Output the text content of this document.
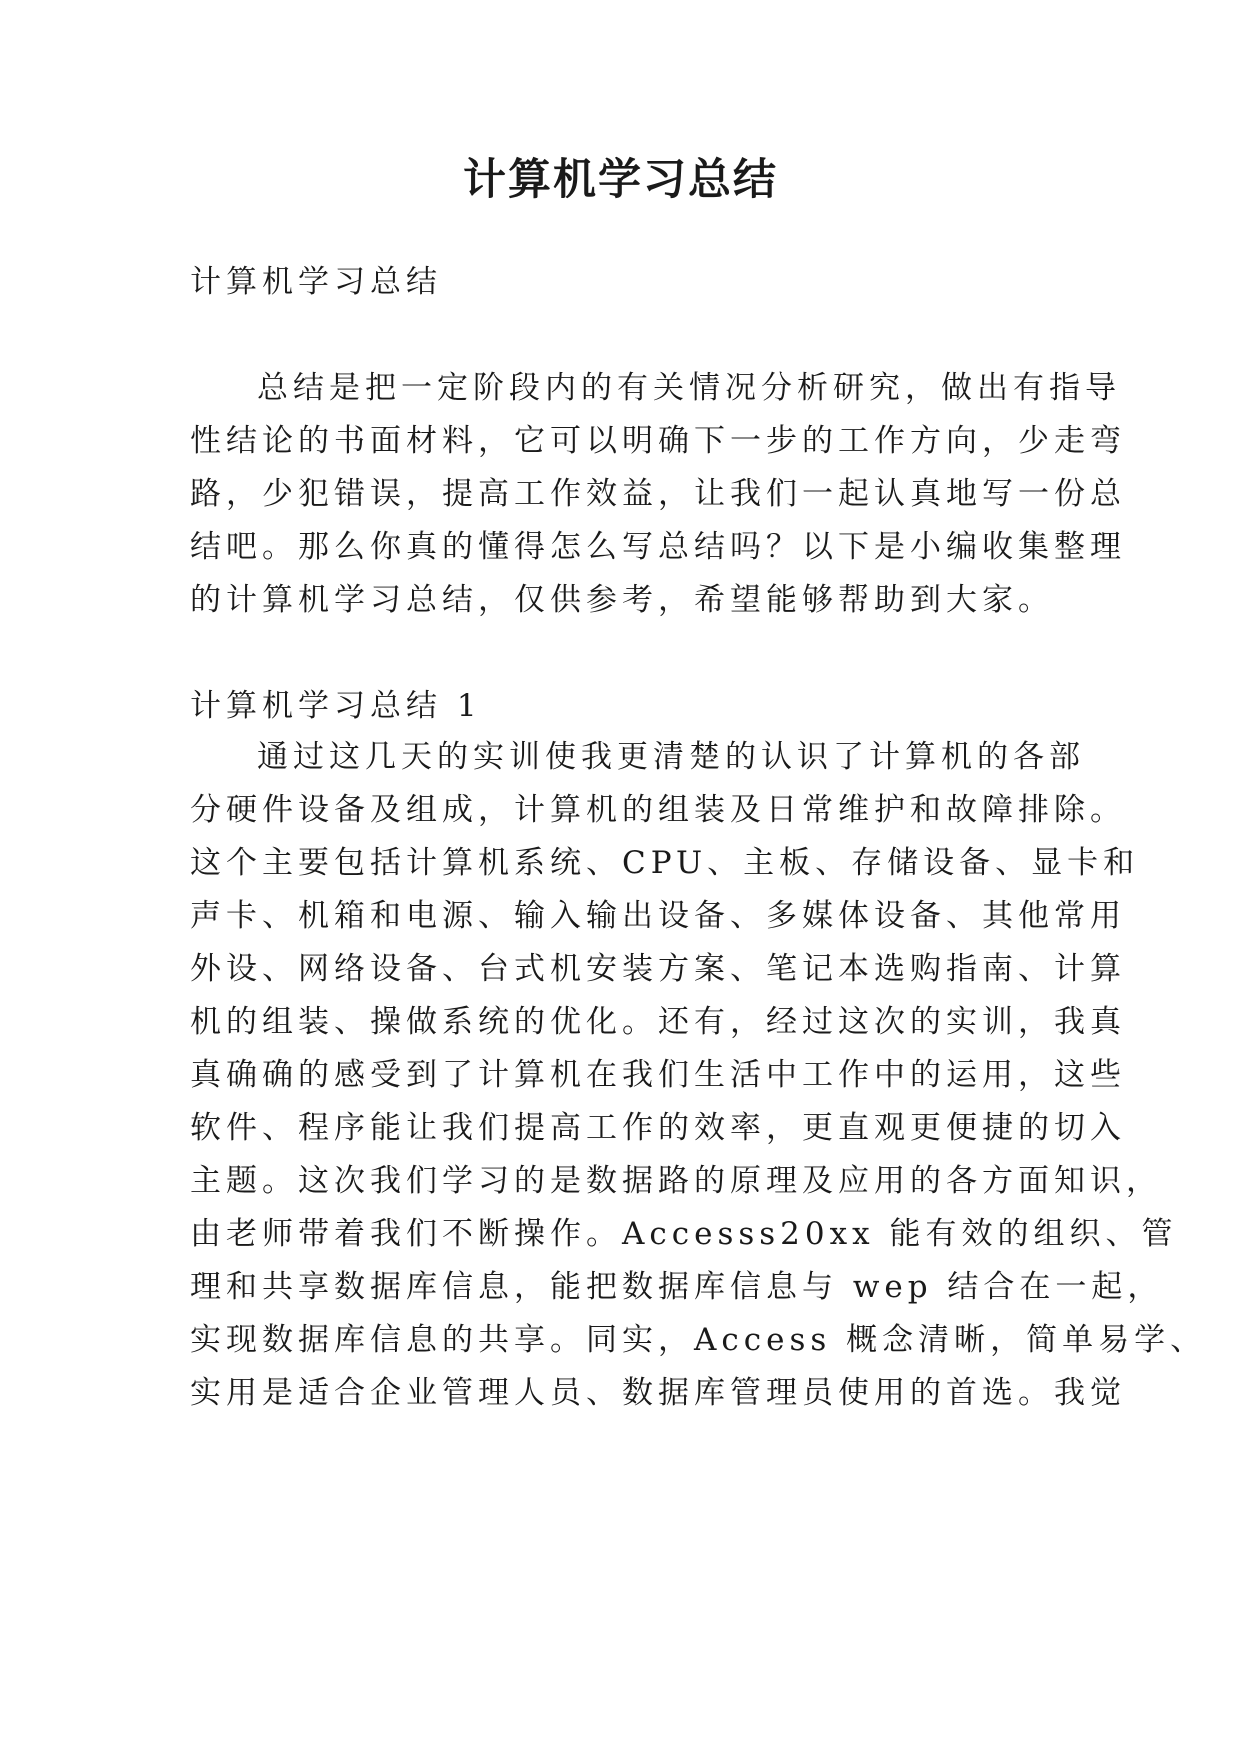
计算机学习总结

计算机学习总结

总结是把一定阶段内的有关情况分析研究，做出有指导

性结论的书面材料，它可以明确下一步的工作方向，少走弯

路，少犯错误，提高工作效益，让我们一起认真地写一份总

结吧。那么你真的懂得怎么写总结吗？以下是小编收集整理

的计算机学习总结，仅供参考，希望能够帮助到大家。

计算机学习总结 1

通过这几天的实训使我更清楚的认识了计算机的各部

分硬件设备及组成，计算机的组装及日常维护和故障排除。

这个主要包括计算机系统、CPU、主板、存储设备、显卡和

声卡、机箱和电源、输入输出设备、多媒体设备、其他常用

外设、网络设备、台式机安装方案、笔记本选购指南、计算

机的组装、操做系统的优化。还有，经过这次的实训，我真

真确确的感受到了计算机在我们生活中工作中的运用，这些

软件、程序能让我们提高工作的效率，更直观更便捷的切入

主题。这次我们学习的是数据路的原理及应用的各方面知识，

由老师带着我们不断操作。Accesss20xx 能有效的组织、管

理和共享数据库信息，能把数据库信息与 wep 结合在一起，

实现数据库信息的共享。同实，Access 概念清晰，简单易学、

实用是适合企业管理人员、数据库管理员使用的首选。我觉
